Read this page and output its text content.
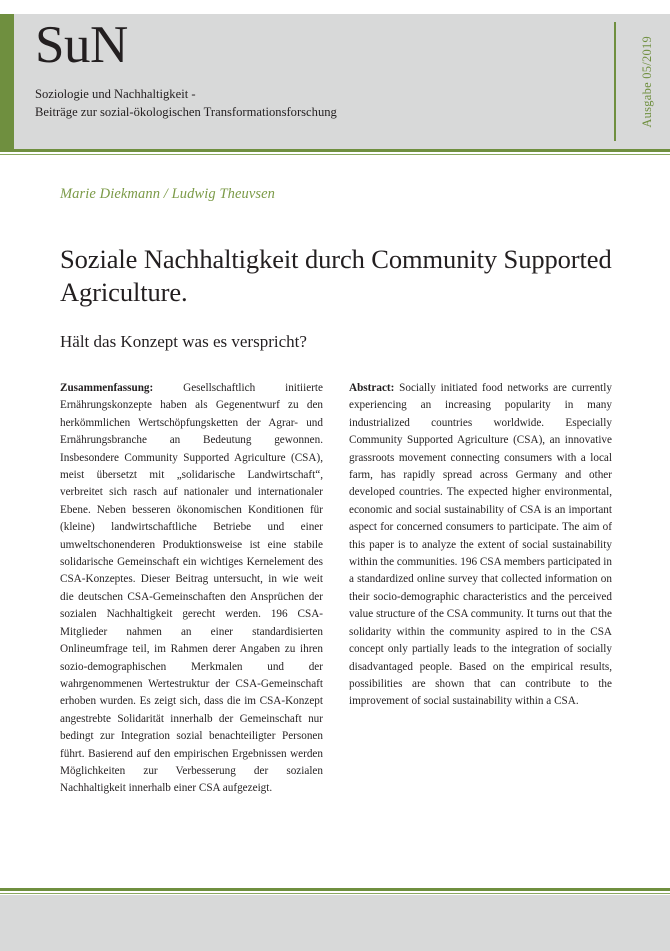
SuN
Soziologie und Nachhaltigkeit -
Beiträge zur sozial-ökologischen Transformationsforschung	Ausgabe 05/2019
Marie Diekmann / Ludwig Theuvsen
Soziale Nachhaltigkeit durch Community Supported Agriculture.
Hält das Konzept was es verspricht?

Zusammenfassung: Gesellschaftlich initiierte Ernährungskonzepte haben als Gegenentwurf zu den herkömmlichen Wertschöpfungsketten der Agrar- und Ernährungsbranche an Bedeutung gewonnen. Insbesondere Community Supported Agriculture (CSA), meist übersetzt mit „solidarische Landwirtschaft“, verbreitet sich rasch auf nationaler und internationaler Ebene. Neben besseren ökonomischen Konditionen für (kleine) landwirtschaftliche Betriebe und einer umweltschonenderen Produktionsweise ist eine stabile solidarische Gemeinschaft ein wichtiges Kernelement des CSA-Konzeptes. Dieser Beitrag untersucht, in wie weit die deutschen CSA-Gemeinschaften den Ansprüchen der sozialen Nachhaltigkeit gerecht werden. 196 CSA-Mitglieder nahmen an einer standardisierten Onlineumfrage teil, im Rahmen derer Angaben zu ihren sozio-demographischen Merkmalen und der wahrgenommenen Wertestruktur der CSA-Gemeinschaft erhoben wurden. Es zeigt sich, dass die im CSA-Konzept angestrebte Solidarität innerhalb der Gemeinschaft nur bedingt zur Integration sozial benachteiligter Personen führt. Basierend auf den empirischen Ergebnissen werden Möglichkeiten zur Verbesserung der sozialen Nachhaltigkeit innerhalb einer CSA aufgezeigt.

Abstract: Socially initiated food networks are currently experiencing an increasing popularity in many industrialized countries worldwide. Especially Community Supported Agriculture (CSA), an innovative grassroots movement connecting consumers with a local farm, has rapidly spread across Germany and other developed countries. The expected higher environmental, economic and social sustainability of CSA is an important aspect for concerned consumers to participate. The aim of this paper is to analyze the extent of social sustainability within the communities. 196 CSA members participated in a standardized online survey that collected information on their socio-demographic characteristics and the perceived value structure of the CSA community. It turns out that the solidarity within the community aspired to in the CSA concept only partially leads to the integration of socially disadvantaged people. Based on the empirical results, possibilities are shown that can contribute to the improvement of social sustainability within a CSA.
